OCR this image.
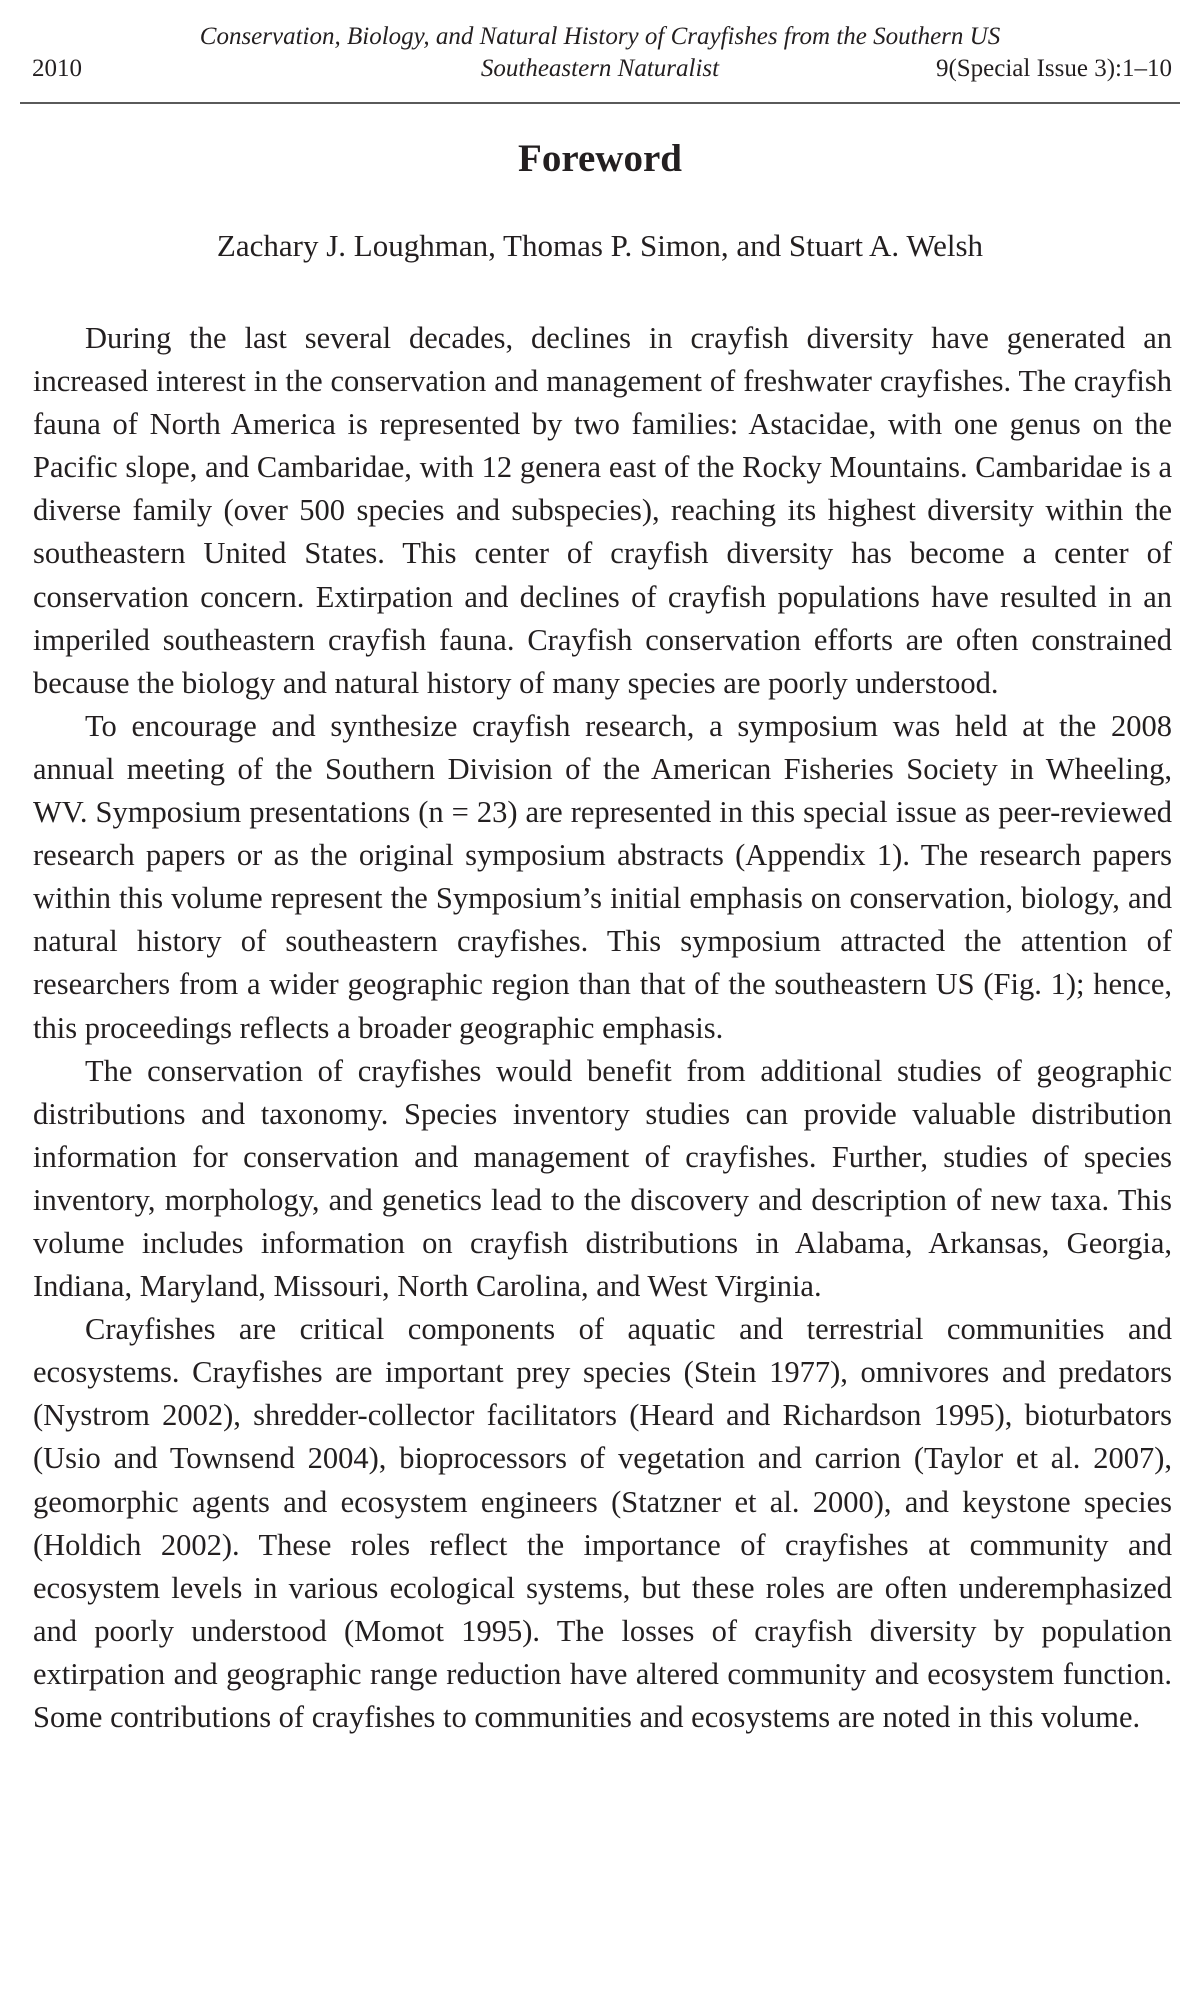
Conservation, Biology, and Natural History of Crayfishes from the Southern US
2010	Southeastern Naturalist	9(Special Issue 3):1–10
Foreword
Zachary J. Loughman, Thomas P. Simon, and Stuart A. Welsh

During the last several decades, declines in crayfish diversity have generated an increased interest in the conservation and management of freshwater crayfishes. The crayfish fauna of North America is represented by two families: Astacidae, with one genus on the Pacific slope, and Cambaridae, with 12 genera east of the Rocky Mountains. Cambaridae is a diverse family (over 500 species and subspecies), reaching its highest diversity within the southeastern United States. This center of crayfish diversity has become a center of conservation concern. Extirpation and declines of crayfish populations have resulted in an imperiled southeastern crayfish fauna. Crayfish conservation efforts are often constrained because the biology and natural history of many species are poorly understood.

To encourage and synthesize crayfish research, a symposium was held at the 2008 annual meeting of the Southern Division of the American Fisheries Society in Wheeling, WV. Symposium presentations (n = 23) are represented in this special issue as peer-reviewed research papers or as the original symposium abstracts (Appendix 1). The research papers within this volume represent the Symposium’s initial emphasis on conservation, biology, and natural history of southeastern crayfishes. This symposium attracted the attention of researchers from a wider geographic region than that of the southeastern US (Fig. 1); hence, this proceedings reflects a broader geographic emphasis.

The conservation of crayfishes would benefit from additional studies of geographic distributions and taxonomy. Species inventory studies can provide valuable distribution information for conservation and management of crayfishes. Further, studies of species inventory, morphology, and genetics lead to the discovery and description of new taxa. This volume includes information on crayfish distributions in Alabama, Arkansas, Georgia, Indiana, Maryland, Missouri, North Carolina, and West Virginia.

Crayfishes are critical components of aquatic and terrestrial communities and ecosystems. Crayfishes are important prey species (Stein 1977), omnivores and predators (Nystrom 2002), shredder-collector facilitators (Heard and Richardson 1995), bioturbators (Usio and Townsend 2004), bioprocessors of vegetation and carrion (Taylor et al. 2007), geomorphic agents and ecosystem engineers (Statzner et al. 2000), and keystone species (Holdich 2002). These roles reflect the importance of crayfishes at community and ecosystem levels in various ecological systems, but these roles are often underemphasized and poorly understood (Momot 1995). The losses of crayfish diversity by population extirpation and geographic range reduction have altered community and ecosystem function. Some contributions of crayfishes to communities and ecosystems are noted in this volume.
